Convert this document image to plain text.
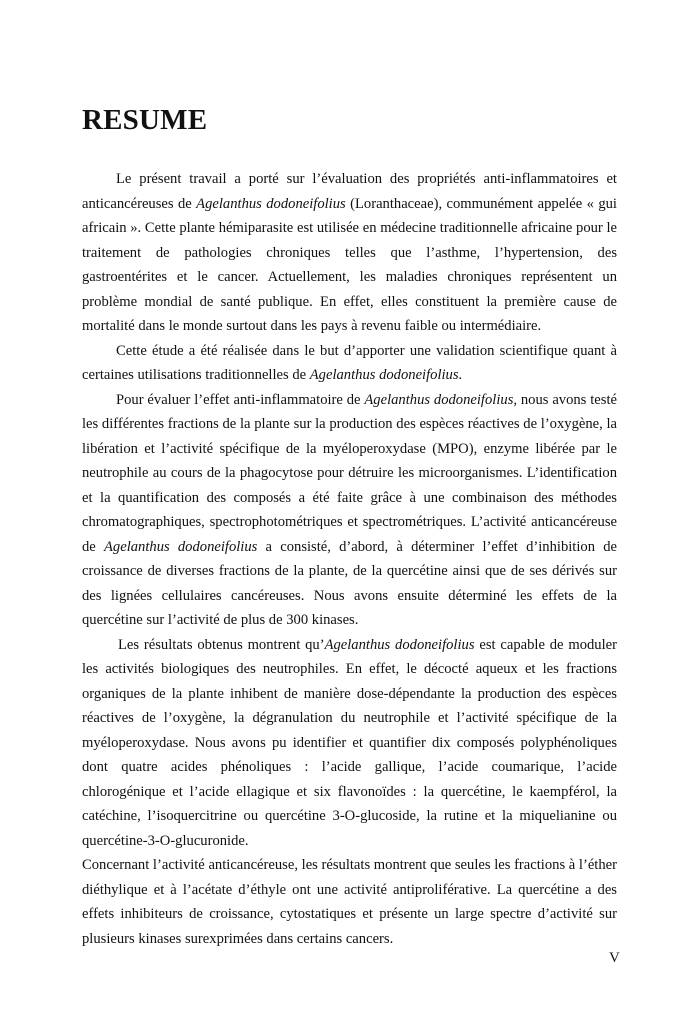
RESUME

Le présent travail a porté sur l’évaluation des propriétés anti-inflammatoires et anticancéreuses de Agelanthus dodoneifolius (Loranthaceae), communément appelée « gui africain ». Cette plante hémiparasite est utilisée en médecine traditionnelle africaine pour le traitement de pathologies chroniques telles que l’asthme, l’hypertension, des gastroentérites et le cancer. Actuellement, les maladies chroniques représentent un problème mondial de santé publique. En effet, elles constituent la première cause de mortalité dans le monde surtout dans les pays à revenu faible ou intermédiaire.

Cette étude a été réalisée dans le but d’apporter une validation scientifique quant à certaines utilisations traditionnelles de Agelanthus dodoneifolius.

Pour évaluer l’effet anti-inflammatoire de Agelanthus dodoneifolius, nous avons testé les différentes fractions de la plante sur la production des espèces réactives de l’oxygène, la libération et l’activité spécifique de la myéloperoxydase (MPO), enzyme libérée par le neutrophile au cours de la phagocytose pour détruire les microorganismes. L’identification et la quantification des composés a été faite grâce à une combinaison des méthodes chromatographiques, spectrophotométriques et spectrométriques. L’activité anticancéreuse de Agelanthus dodoneifolius a consisté, d’abord, à déterminer l’effet d’inhibition de croissance de diverses fractions de la plante, de la quercétine ainsi que de ses dérivés sur des lignées cellulaires cancéreuses. Nous avons ensuite déterminé les effets de la quercétine sur l’activité de plus de 300 kinases.

Les résultats obtenus montrent qu’Agelanthus dodoneifolius est capable de moduler les activités biologiques des neutrophiles. En effet, le décocté aqueux et les fractions organiques de la plante inhibent de manière dose-dépendante la production des espèces réactives de l’oxygène, la dégranulation du neutrophile et l’activité spécifique de la myéloperoxydase. Nous avons pu identifier et quantifier dix composés polyphénoliques dont quatre acides phénoliques : l’acide gallique, l’acide coumarique, l’acide chlorogénique et l’acide ellagique et six flavonoïdes : la quercétine, le kaempférol, la catéchine, l’isoquercitrine ou quercétine 3-O-glucoside, la rutine et la miquelianine ou quercétine-3-O-glucuronide.

Concernant l’activité anticancéreuse, les résultats montrent que seules les fractions à l’éther diéthylique et à l’acétate d’éthyle ont une activité antiproliférative. La quercétine a des effets inhibiteurs de croissance, cytostatiques et présente un large spectre d’activité sur plusieurs kinases surexprimées dans certains cancers.

V
